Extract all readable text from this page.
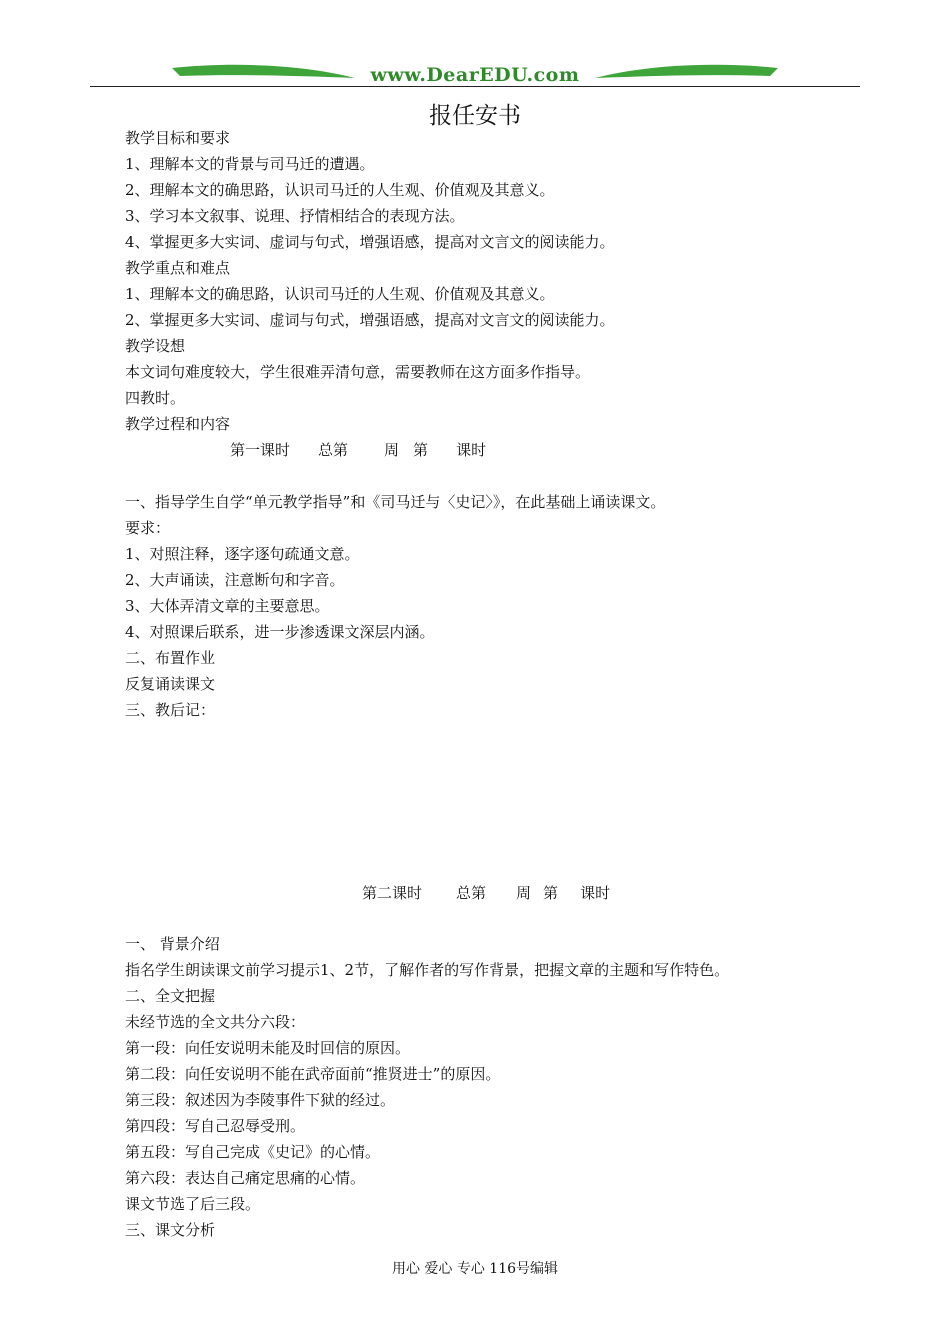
www.DearEDU.com
报任安书
教学目标和要求
1、理解本文的背景与司马迁的遭遇。
2、理解本文的确思路，认识司马迁的人生观、价值观及其意义。
3、学习本文叙事、说理、抒情相结合的表现方法。
4、掌握更多大实词、虚词与句式，增强语感，提高对文言文的阅读能力。
教学重点和难点
1、理解本文的确思路，认识司马迁的人生观、价值观及其意义。
2、掌握更多大实词、虚词与句式，增强语感，提高对文言文的阅读能力。
教学设想
本文词句难度较大，学生很难弄清句意，需要教师在这方面多作指导。
四教时。
教学过程和内容
第一课时 总第 周 第 课时
一、指导学生自学“单元教学指导”和《司马迁与〈史记〉》，在此基础上诵读课文。
要求：
1、对照注释，逐字逐句疏通文意。
2、大声诵读，注意断句和字音。
3、大体弄清文章的主要意思。
4、对照课后联系，进一步渗透课文深层内涵。
二、布置作业
反复诵读课文
三、教后记：
第二课时 总第 周 第 课时
一、 背景介绍
指名学生朗读课文前学习提示1、2节，了解作者的写作背景，把握文章的主题和写作特色。
二、全文把握
未经节选的全文共分六段：
第一段：向任安说明未能及时回信的原因。
第二段：向任安说明不能在武帝面前“推贤进士”的原因。
第三段：叙述因为李陵事件下狱的经过。
第四段：写自己忍辱受刑。
第五段：写自己完成《史记》的心情。
第六段：表达自己痛定思痛的心情。
课文节选了后三段。
三、课文分析
用心 爱心 专心 116号编辑
